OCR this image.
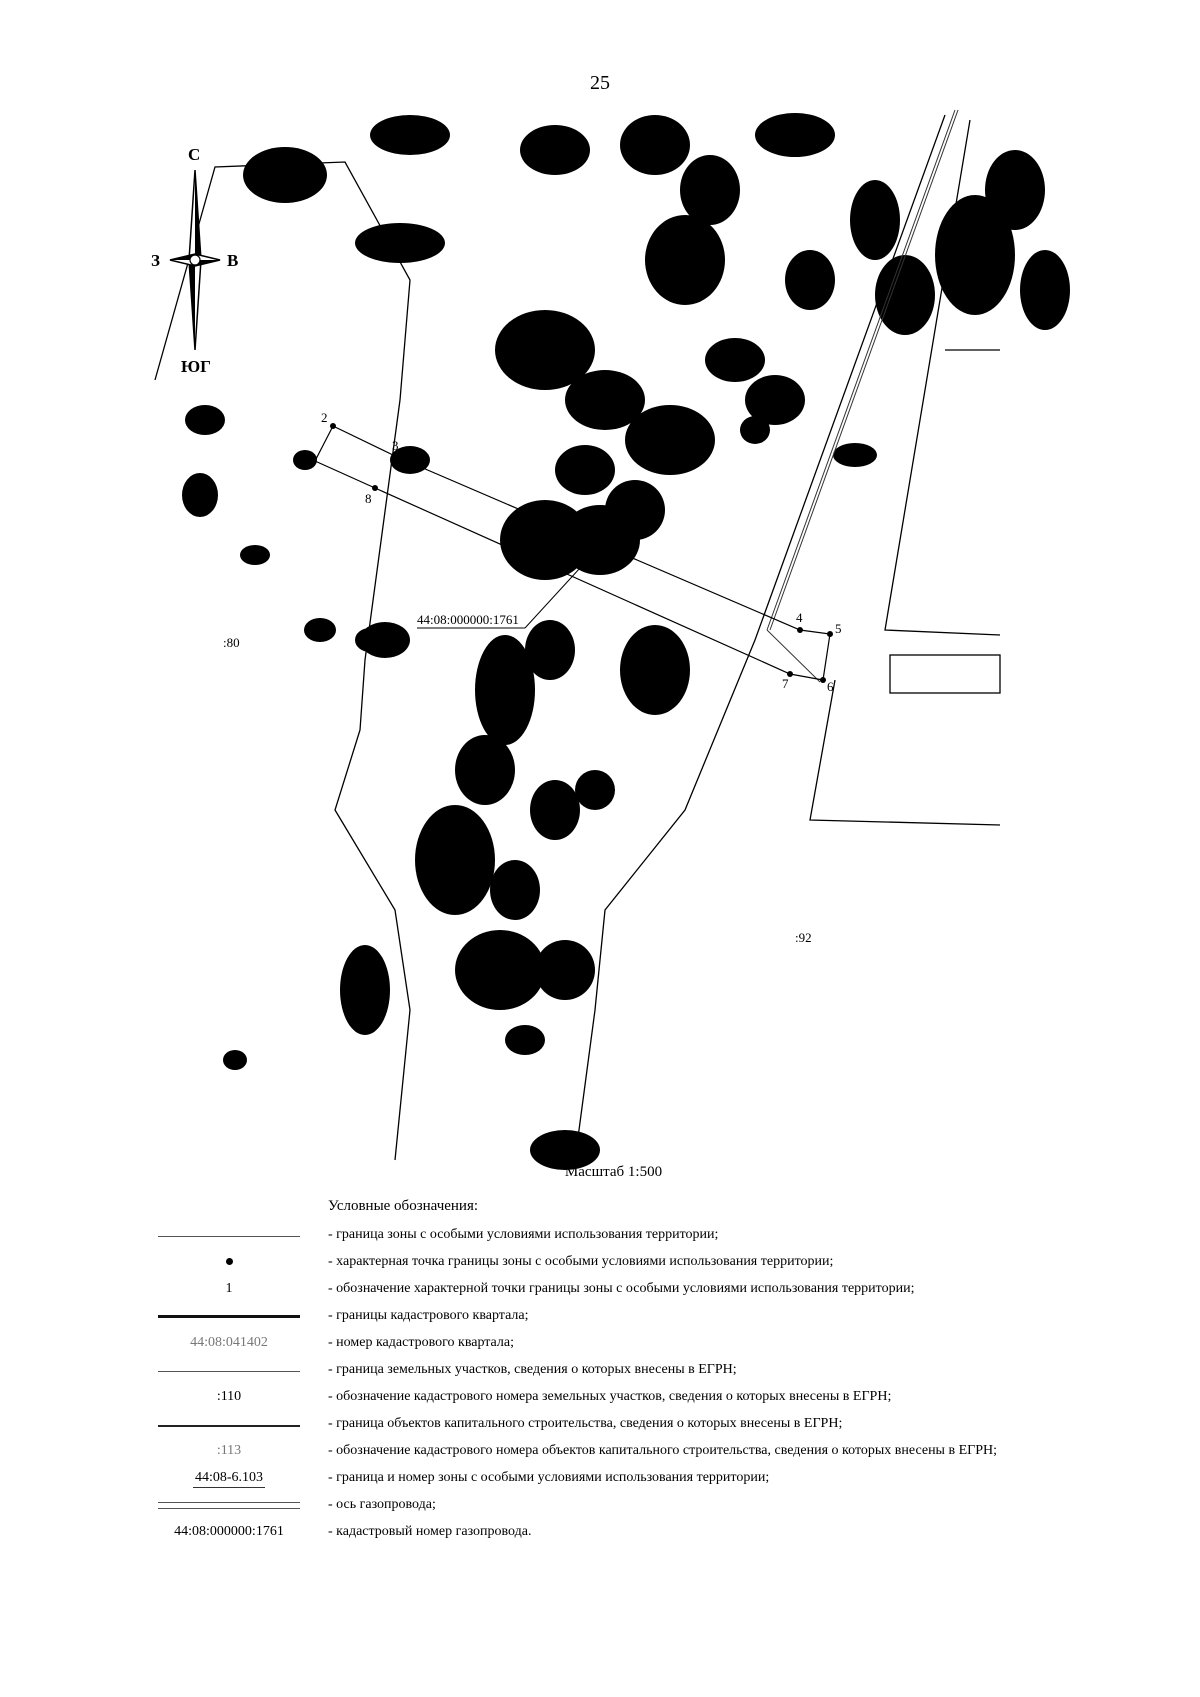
25
2
3
8
4
5
6
7
:80
:92
:103
44:08:000000:1761
С
ЮГ
З	В
Масштаб 1:500
Условные обозначения:
- граница зоны с особыми условиями использования территории;
- характерная точка границы зоны с особыми условиями использования территории;
1	- обозначение характерной точки границы зоны с особыми условиями использования территории;
- границы кадастрового квартала;
44:08:041402	- номер кадастрового квартала;
- граница земельных участков, сведения о которых внесены в ЕГРН;
:110	- обозначение кадастрового номера земельных участков, сведения о которых внесены в ЕГРН;
- граница объектов капитального строительства, сведения о которых внесены в ЕГРН;
:113	- обозначение кадастрового номера объектов капитального строительства, сведения о которых внесены в ЕГРН;
44:08-6.103	- граница и номер зоны с особыми условиями использования территории;
- ось газопровода;
44:08:000000:1761	- кадастровый номер газопровода.
